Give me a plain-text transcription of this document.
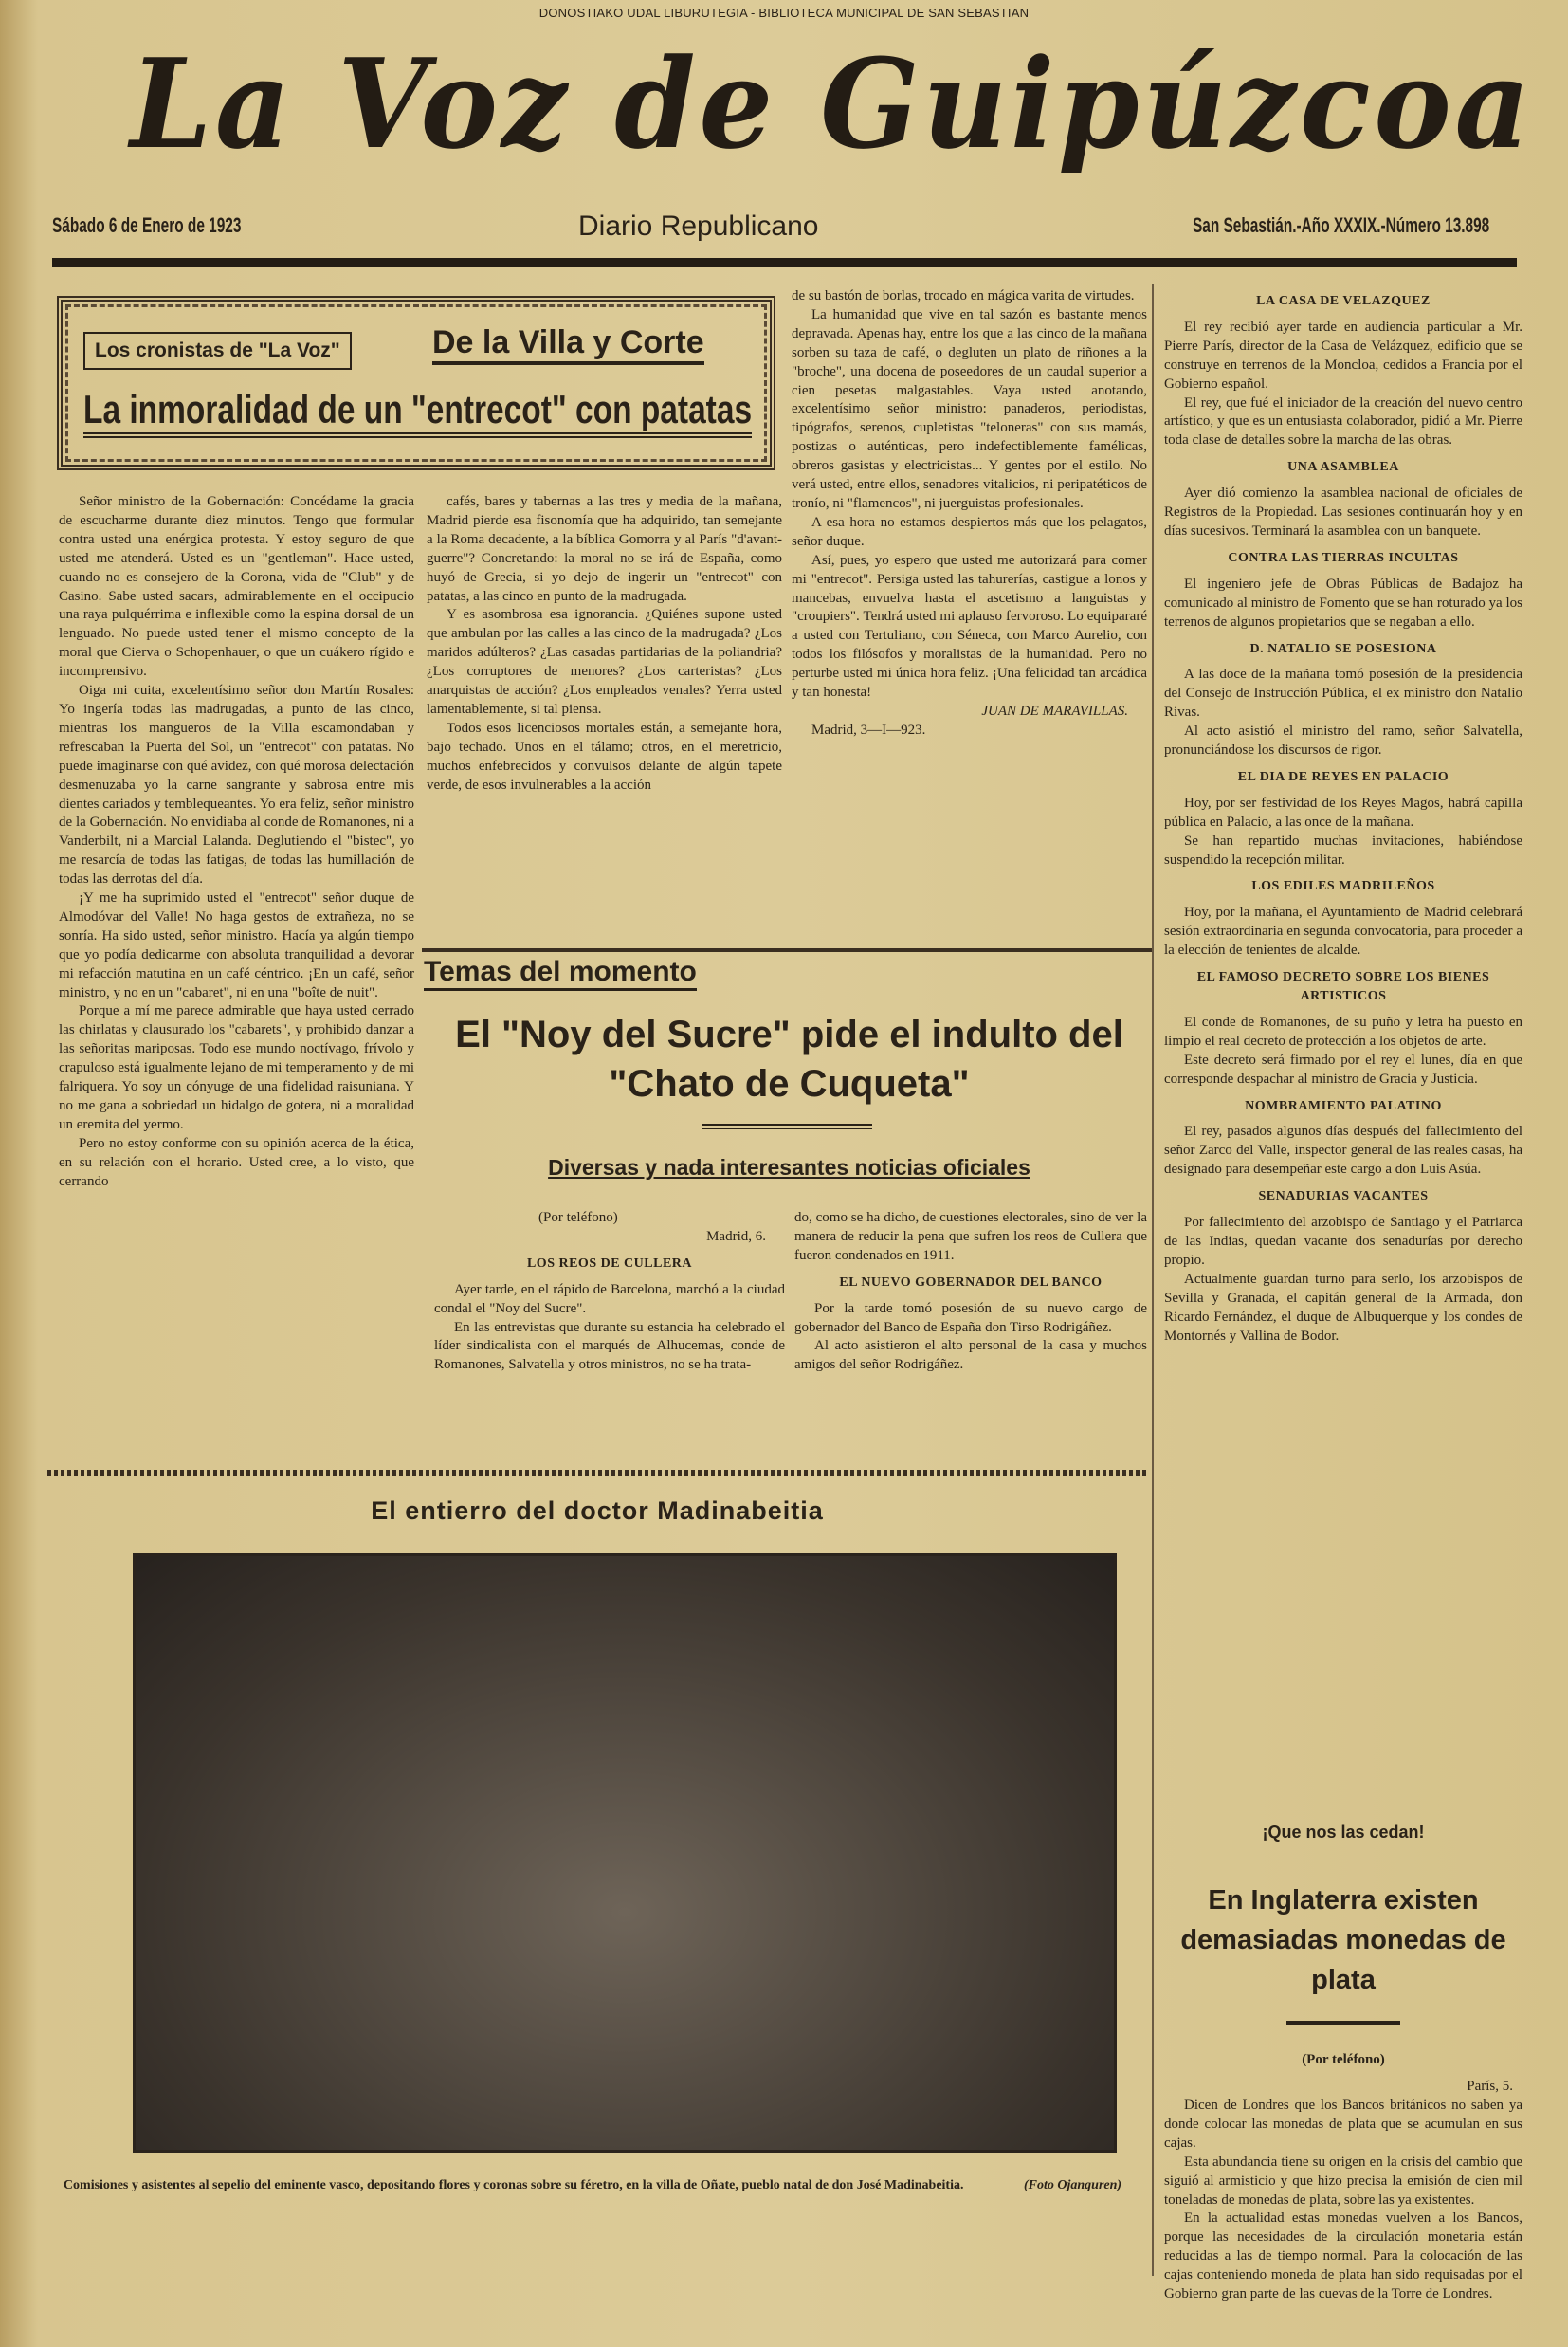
DONOSTIAKO UDAL LIBURUTEGIA - BIBLIOTECA MUNICIPAL DE SAN SEBASTIAN
La Voz de Guipúzcoa
Sábado 6 de Enero de 1923	Diario Republicano	San Sebastián.-Año XXXIX.-Número 13.898
Los cronistas de "La Voz"	De la Villa y Corte
La inmoralidad de un "entrecot" con patatas

Señor ministro de la Gobernación: Concédame la gracia de escucharme durante diez minutos. Tengo que formular contra usted una enérgica protesta. Y estoy seguro de que usted me atenderá. Usted es un "gentleman". Hace usted, cuando no es consejero de la Corona, vida de "Club" y de Casino. Sabe usted sacars, admirablemente en el occipucio una raya pulquérrima e inflexible como la espina dorsal de un lenguado. No puede usted tener el mismo concepto de la moral que Cierva o Schopenhauer, o que un cuákero rígido e incomprensivo.

Oiga mi cuita, excelentísimo señor don Martín Rosales: Yo ingería todas las madrugadas, a punto de las cinco, mientras los mangueros de la Villa escamondaban y refrescaban la Puerta del Sol, un "entrecot" con patatas. No puede imaginarse con qué avidez, con qué morosa delectación desmenuzaba yo la carne sangrante y sabrosa entre mis dientes cariados y temblequeantes. Yo era feliz, señor ministro de la Gobernación. No envidiaba al conde de Romanones, ni a Vanderbilt, ni a Marcial Lalanda. Deglutiendo el "bistec", yo me resarcía de todas las fatigas, de todas las humillación de todas las derrotas del día.

¡Y me ha suprimido usted el "entrecot" señor duque de Almodóvar del Valle! No haga gestos de extrañeza, no se sonría. Ha sido usted, señor ministro. Hacía ya algún tiempo que yo podía dedicarme con absoluta tranquilidad a devorar mi refacción matutina en un café céntrico. ¡En un café, señor ministro, y no en un "cabaret", ni en una "boîte de nuit".

Porque a mí me parece admirable que haya usted cerrado las chirlatas y clausurado los "cabarets", y prohibido danzar a las señoritas mariposas. Todo ese mundo noctívago, frívolo y crapuloso está igualmente lejano de mi temperamento y de mi falriquera. Yo soy un cónyuge de una fidelidad raisuniana. Y no me gana a sobriedad un hidalgo de gotera, ni a moralidad un eremita del yermo.

Pero no estoy conforme con su opinión acerca de la ética, en su relación con el horario. Usted cree, a lo visto, que cerrando

cafés, bares y tabernas a las tres y media de la mañana, Madrid pierde esa fisonomía que ha adquirido, tan semejante a la Roma decadente, a la bíblica Gomorra y al París "d'avant-guerre"? Concretando: la moral no se irá de España, como huyó de Grecia, si yo dejo de ingerir un "entrecot" con patatas, a las cinco en punto de la madrugada.

Y es asombrosa esa ignorancia. ¿Quiénes supone usted que ambulan por las calles a las cinco de la madrugada? ¿Los maridos adúlteros? ¿Las casadas partidarias de la poliandria? ¿Los corruptores de menores? ¿Los carteristas? ¿Los anarquistas de acción? ¿Los empleados venales? Yerra usted lamentablemente, si tal piensa.

Todos esos licenciosos mortales están, a semejante hora, bajo techado. Unos en el tálamo; otros, en el meretricio, muchos enfebrecidos y convulsos delante de algún tapete verde, de esos invulnerables a la acción

de su bastón de borlas, trocado en mágica varita de virtudes.

La humanidad que vive en tal sazón es bastante menos depravada. Apenas hay, entre los que a las cinco de la mañana sorben su taza de café, o degluten un plato de riñones a la "broche", una docena de poseedores de un caudal superior a cien pesetas malgastables. Vaya usted anotando, excelentísimo señor ministro: panaderos, periodistas, tipógrafos, serenos, cupletistas "teloneras" con sus mamás, postizas o auténticas, pero indefectiblemente famélicas, obreros gasistas y electricistas... Y gentes por el estilo. No verá usted, entre ellos, senadores vitalicios, ni peripatéticos de tronío, ni "flamencos", ni juerguistas profesionales.

A esa hora no estamos despiertos más que los pelagatos, señor duque.

Así, pues, yo espero que usted me autorizará para comer mi "entrecot". Persiga usted las tahurerías, castigue a lonos y mancebas, envuelva hasta el ascetismo a languistas y "croupiers". Tendrá usted mi aplauso fervoroso. Lo equipararé a usted con Tertuliano, con Séneca, con Marco Aurelio, con todos los filósofos y moralistas de la humanidad. Pero no perturbe usted mi única hora feliz. ¡Una felicidad tan arcádica y tan honesta!

JUAN DE MARAVILLAS.

Madrid, 3—I—923.

Temas del momento
El "Noy del Sucre" pide el indulto del "Chato de Cuqueta"
Diversas y nada interesantes noticias oficiales

(Por teléfono)

Madrid, 6.

LOS REOS DE CULLERA

Ayer tarde, en el rápido de Barcelona, marchó a la ciudad condal el "Noy del Sucre".

En las entrevistas que durante su estancia ha celebrado el líder sindicalista con el marqués de Alhucemas, conde de Romanones, Salvatella y otros ministros, no se ha trata-

do, como se ha dicho, de cuestiones electorales, sino de ver la manera de reducir la pena que sufren los reos de Cullera que fueron condenados en 1911.

EL NUEVO GOBERNADOR DEL BANCO

Por la tarde tomó posesión de su nuevo cargo de gobernador del Banco de España don Tirso Rodrigáñez.

Al acto asistieron el alto personal de la casa y muchos amigos del señor Rodrigáñez.

El entierro del doctor Madinabeitia
Comisiones y asistentes al sepelio del eminente vasco, depositando flores y coronas sobre su féretro, en la villa de Oñate, pueblo natal de don José Madinabeitia.	(Foto Ojanguren)
LA CASA DE VELAZQUEZ

El rey recibió ayer tarde en audiencia particular a Mr. Pierre París, director de la Casa de Velázquez, edificio que se construye en terrenos de la Moncloa, cedidos a Francia por el Gobierno español.

El rey, que fué el iniciador de la creación del nuevo centro artístico, y que es un entusiasta colaborador, pidió a Mr. Pierre toda clase de detalles sobre la marcha de las obras.

UNA ASAMBLEA

Ayer dió comienzo la asamblea nacional de oficiales de Registros de la Propiedad. Las sesiones continuarán hoy y en días sucesivos. Terminará la asamblea con un banquete.

CONTRA LAS TIERRAS INCULTAS

El ingeniero jefe de Obras Públicas de Badajoz ha comunicado al ministro de Fomento que se han roturado ya los terrenos de algunos propietarios que se negaban a ello.

D. NATALIO SE POSESIONA

A las doce de la mañana tomó posesión de la presidencia del Consejo de Instrucción Pública, el ex ministro don Natalio Rivas.

Al acto asistió el ministro del ramo, señor Salvatella, pronunciándose los discursos de rigor.

EL DIA DE REYES EN PALACIO

Hoy, por ser festividad de los Reyes Magos, habrá capilla pública en Palacio, a las once de la mañana.

Se han repartido muchas invitaciones, habiéndose suspendido la recepción militar.

LOS EDILES MADRILEÑOS

Hoy, por la mañana, el Ayuntamiento de Madrid celebrará sesión extraordinaria en segunda convocatoria, para proceder a la elección de tenientes de alcalde.

EL FAMOSO DECRETO SOBRE LOS BIENES ARTISTICOS

El conde de Romanones, de su puño y letra ha puesto en limpio el real decreto de protección a los objetos de arte.

Este decreto será firmado por el rey el lunes, día en que corresponde despachar al ministro de Gracia y Justicia.

NOMBRAMIENTO PALATINO

El rey, pasados algunos días después del fallecimiento del señor Zarco del Valle, inspector general de las reales casas, ha designado para desempeñar este cargo a don Luis Asúa.

SENADURIAS VACANTES

Por fallecimiento del arzobispo de Santiago y el Patriarca de las Indias, quedan vacante dos senadurías por derecho propio.

Actualmente guardan turno para serlo, los arzobispos de Sevilla y Granada, el capitán general de la Armada, don Ricardo Fernández, el duque de Albuquerque y los condes de Montornés y Vallina de Bodor.

¡Que nos las cedan!
En Inglaterra existen demasiadas monedas de plata

(Por teléfono)

París, 5.

Dicen de Londres que los Bancos británicos no saben ya donde colocar las monedas de plata que se acumulan en sus cajas.

Esta abundancia tiene su origen en la crisis del cambio que siguió al armisticio y que hizo precisa la emisión de cien mil toneladas de monedas de plata, sobre las ya existentes.

En la actualidad estas monedas vuelven a los Bancos, porque las necesidades de la circulación monetaria están reducidas a las de tiempo normal. Para la colocación de las cajas conteniendo moneda de plata han sido requisadas por el Gobierno gran parte de las cuevas de la Torre de Londres.
